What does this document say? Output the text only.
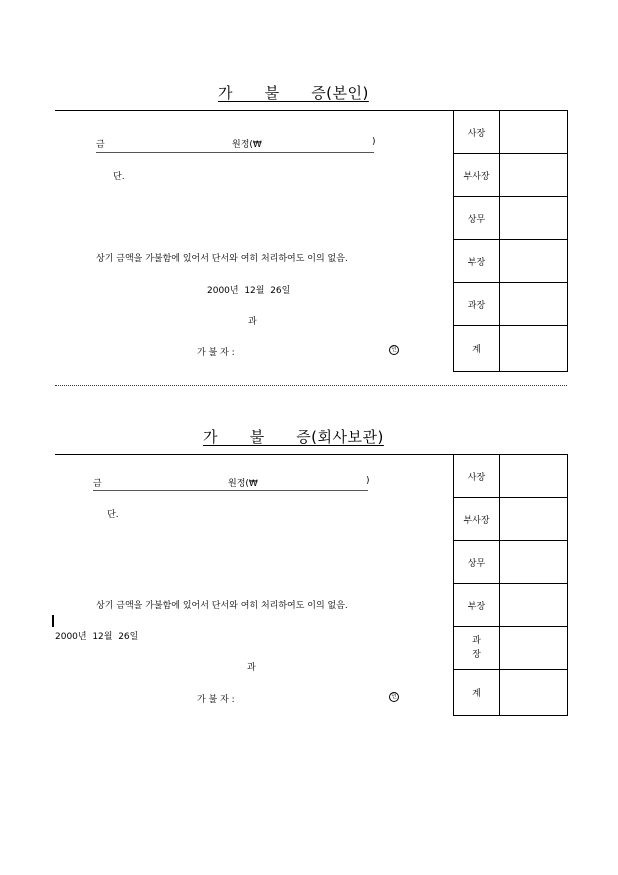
가      불      증(본인)
금	원정(₩	)
단.
상기 금액을 가불함에 있어서 단서와 여히 처리하여도 이의 없음.
2000년  12월  26일
과
가 불 자 :	인
사장	
부사장	
상무	
부장	
과장	
계	
가      불      증(회사보관)
금	원정(₩	)
단.
상기 금액을 가불함에 있어서 단서와 여히 처리하여도 이의 없음.
2000년  12월  26일
과
가 불 자 :	인
사장	
부사장	
상무	
부장	
과
장	
계	
